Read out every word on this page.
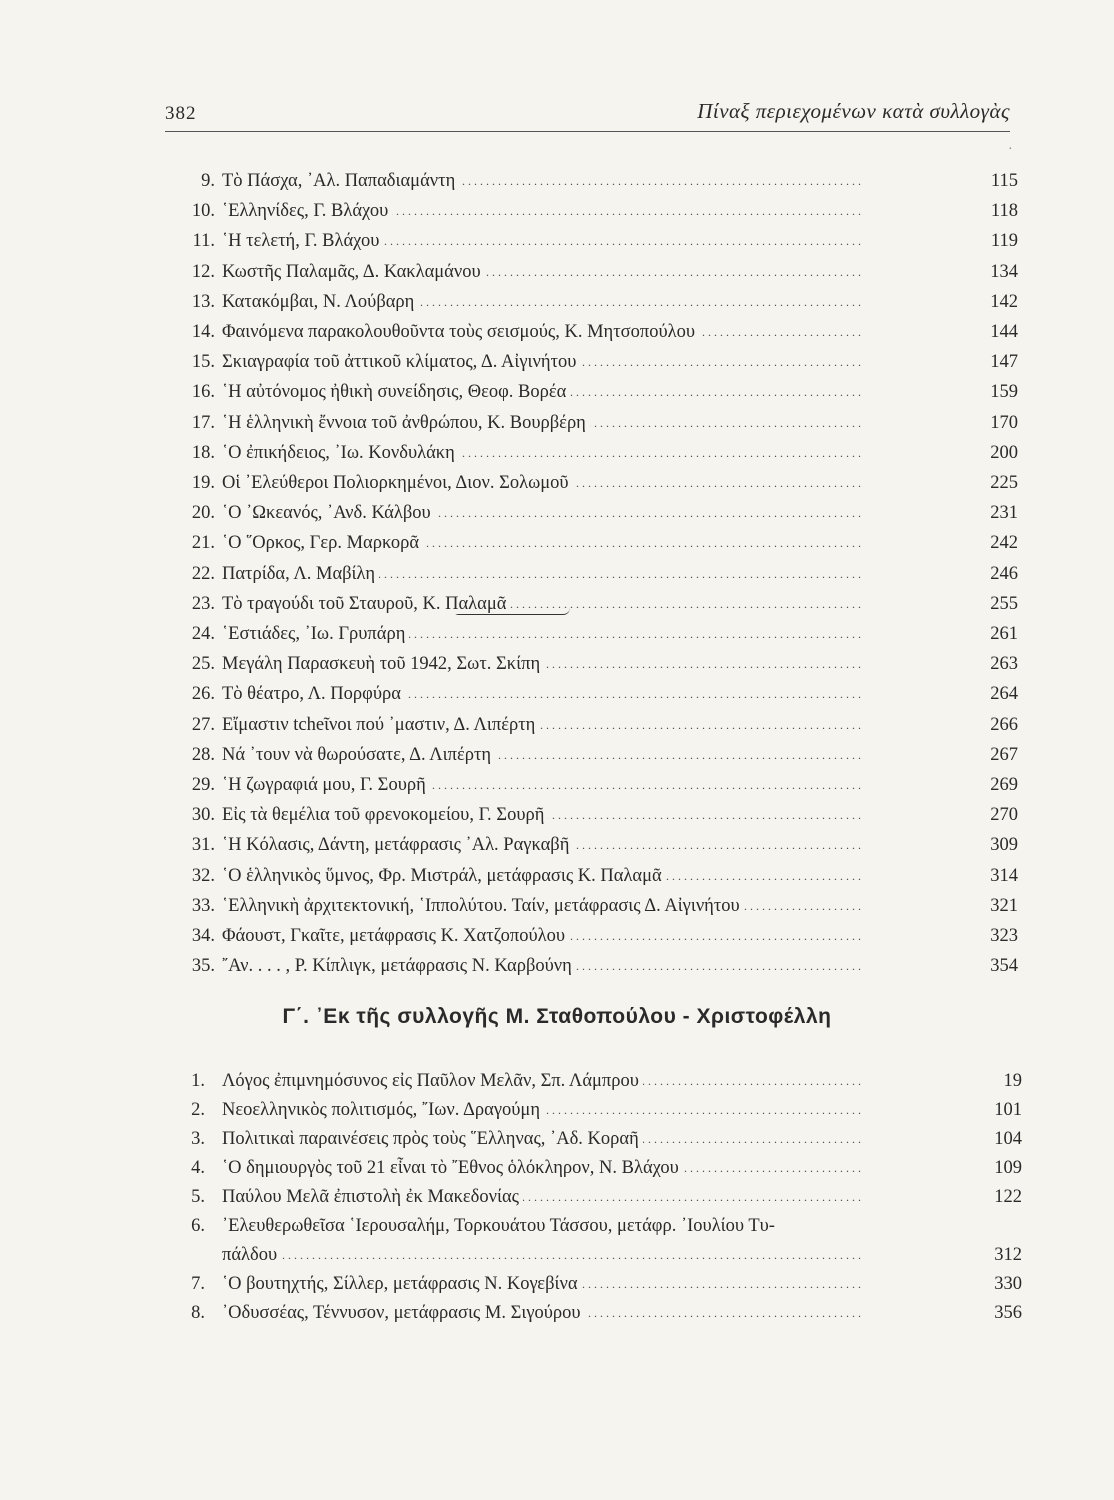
382	Πίναξ περιεχομένων κατὰ συλλογὰς
·
9. Τὸ Πάσχα, ᾿Αλ. Παπαδιαμάντη . . .	115
10. ῾Ελληνίδες, Γ. Βλάχου . . .	118
11. ῾Η τελετή, Γ. Βλάχου . . .	119
12. Κωστῆς Παλαμᾶς, Δ. Κακλαμάνου . . .	134
13. Κατακόμβαι, Ν. Λούβαρη . . .	142
14. Φαινόμενα παρακολουθοῦντα τοὺς σεισμούς, Κ. Μητσοπούλου . . .	144
15. Σκιαγραφία τοῦ ἀττικοῦ κλίματος, Δ. Αἰγινήτου . . .	147
16. ῾Η αὐτόνομος ἠθικὴ συνείδησις, Θεοφ. Βορέα . . .	159
17. ῾Η ἑλληνικὴ ἔννοια τοῦ ἀνθρώπου, Κ. Βουρβέρη . . .	170
18. ῾Ο ἐπικήδειος, ᾿Ιω. Κονδυλάκη . . .	200
19. Οἱ ᾿Ελεύθεροι Πολιορκημένοι, Διον. Σολωμοῦ . . .	225
20. ῾Ο ᾿Ωκεανός, ᾿Ανδ. Κάλβου . . .	231
21. ῾Ο ῞Ορκος, Γερ. Μαρκορᾶ . . .	242
22. Πατρίδα, Λ. Μαβίλη . . .	246
23. Τὸ τραγούδι τοῦ Σταυροῦ, Κ. Παλαμᾶ . . .	255
24. ῾Εστιάδες, ᾿Ιω. Γρυπάρη . . .	261
25. Μεγάλη Παρασκευὴ τοῦ 1942, Σωτ. Σκίπη . . .	263
26. Τὸ θέατρο, Λ. Πορφύρα . . .	264
27. Εἴμαστιν tcheῖνοι πού ᾿μαστιν, Δ. Λιπέρτη . . .	266
28. Νά ᾿τουν νὰ θωρούσατε, Δ. Λιπέρτη . . .	267
29. ῾Η ζωγραφιά μου, Γ. Σουρῆ . . .	269
30. Εἰς τὰ θεμέλια τοῦ φρενοκομείου, Γ. Σουρῆ . . .	270
31. ῾Η Κόλασις, Δάντη, μετάφρασις ᾿Αλ. Ραγκαβῆ . . .	309
32. ῾Ο ἑλληνικὸς ὕμνος, Φρ. Μιστράλ, μετάφρασις Κ. Παλαμᾶ . . .	314
33. ῾Ελληνικὴ ἀρχιτεκτονική, ῾Ιππολύτου. Ταίν, μετάφρασις Δ. Αἰγινήτου . . .	321
34. Φάουστ, Γκαῖτε, μετάφρασις Κ. Χατζοπούλου . . .	323
35. ῎Αν. . . . , Ρ. Κίπλιγκ, μετάφρασις Ν. Καρβούνη . . .	354
Γ΄. ᾿Εκ τῆς συλλογῆς Μ. Σταθοπούλου - Χριστοφέλλη
1. Λόγος ἐπιμνημόσυνος εἰς Παῦλον Μελᾶν, Σπ. Λάμπρου . . .	19
2. Νεοελληνικὸς πολιτισμός, ῎Ιων. Δραγούμη . . .	101
3. Πολιτικαὶ παραινέσεις πρὸς τοὺς ῞Ελληνας, ᾿Αδ. Κοραῆ . . .	104
4. ῾Ο δημιουργὸς τοῦ 21 εἶναι τὸ ῎Εθνος ὁλόκληρον, Ν. Βλάχου . . .	109
5. Παύλου Μελᾶ ἐπιστολὴ ἐκ Μακεδονίας . . .	122
6. ᾿Ελευθερωθεῖσα ῾Ιερουσαλήμ, Τορκουάτου Τάσσου, μετάφρ. ᾿Ιουλίου Τυ-
πάλδου . . .	312
7. ῾Ο βουτηχτής, Σίλλερ, μετάφρασις Ν. Κογεβίνα . . .	330
8. ᾿Οδυσσέας, Τέννυσον, μετάφρασις Μ. Σιγούρου . . .	356
